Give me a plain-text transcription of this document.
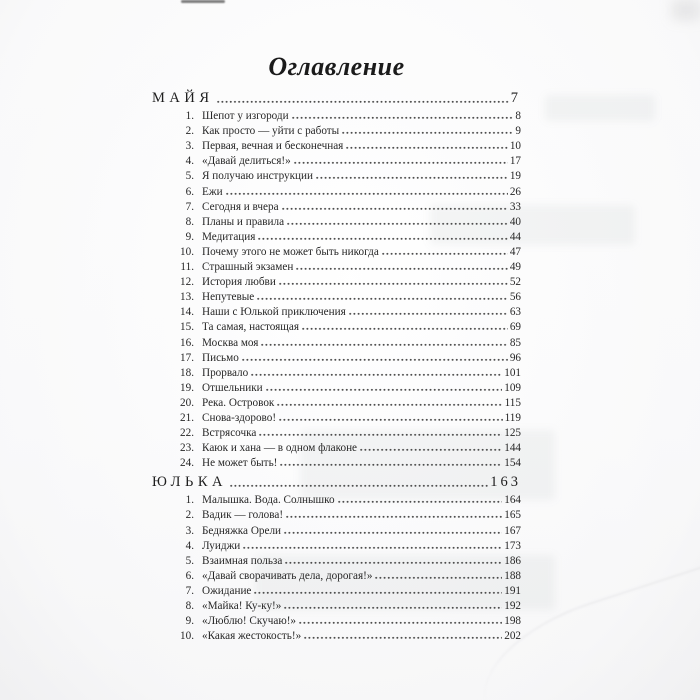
Оглавление
МАЙЯ	7
1. Шепот у изгороди	8
2. Как просто — уйти с работы	9
3. Первая, вечная и бесконечная	10
4. «Давай делиться!»	17
5. Я получаю инструкции	19
6. Ежи	26
7. Сегодня и вчера	33
8. Планы и правила	40
9. Медитация	44
10. Почему этого не может быть никогда	47
11. Страшный экзамен	49
12. История любви	52
13. Непутевые	56
14. Наши с Юлькой приключения	63
15. Та самая, настоящая	69
16. Москва моя	85
17. Письмо	96
18. Прорвало	101
19. Отшельники	109
20. Река. Островок	115
21. Снова-здорово!	119
22. Встрясочка	125
23. Каюк и хана — в одном флаконе	144
24. Не может быть!	154
ЮЛЬКА	163
1. Малышка. Вода. Солнышко	164
2. Вадик — голова!	165
3. Бедняжка Орели	167
4. Луиджи	173
5. Взаимная польза	186
6. «Давай сворачивать дела, дорогая!»	188
7. Ожидание	191
8. «Майка! Ку-ку!»	192
9. «Люблю! Скучаю!»	198
10. «Какая жестокость!»	202
